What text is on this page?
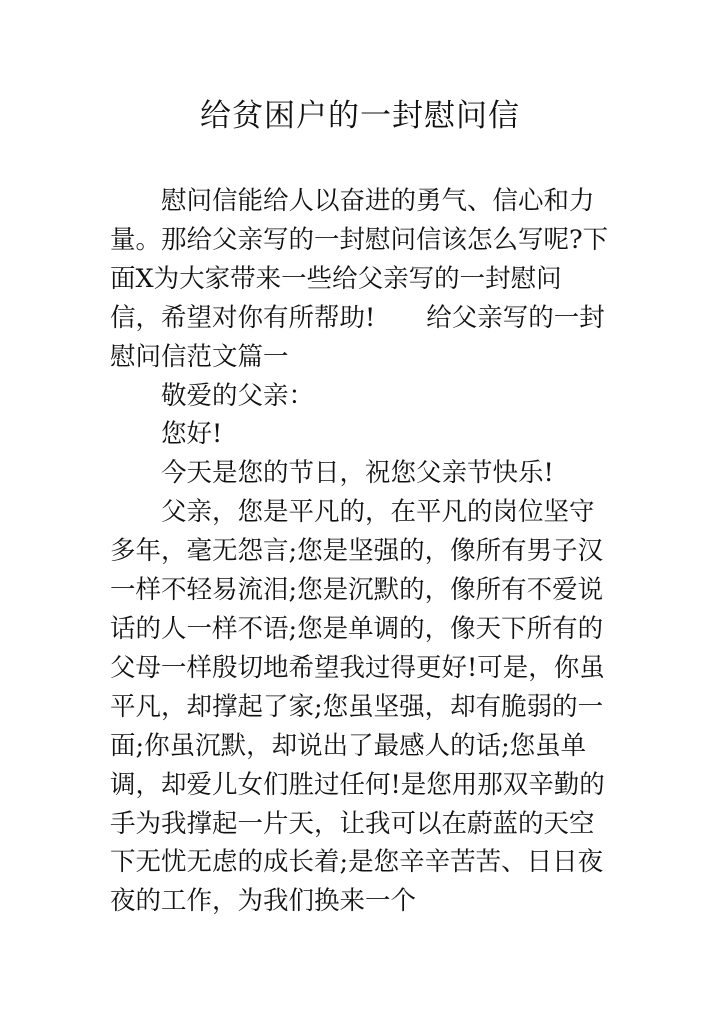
给贫困户的一封慰问信

慰问信能给人以奋进的勇气、信心和力量。那给父亲写的一封慰问信该怎么写呢?下面X为大家带来一些给父亲写的一封慰问信，希望对你有所帮助!　　给父亲写的一封慰问信范文篇一

敬爱的父亲：

您好!

今天是您的节日，祝您父亲节快乐!

父亲，您是平凡的，在平凡的岗位坚守多年，毫无怨言;您是坚强的，像所有男子汉一样不轻易流泪;您是沉默的，像所有不爱说话的人一样不语;您是单调的，像天下所有的父母一样殷切地希望我过得更好!可是，你虽平凡，却撑起了家;您虽坚强，却有脆弱的一面;你虽沉默，却说出了最感人的话;您虽单调，却爱儿女们胜过任何!是您用那双辛勤的手为我撑起一片天，让我可以在蔚蓝的天空下无忧无虑的成长着;是您辛辛苦苦、日日夜夜的工作，为我们换来一个
